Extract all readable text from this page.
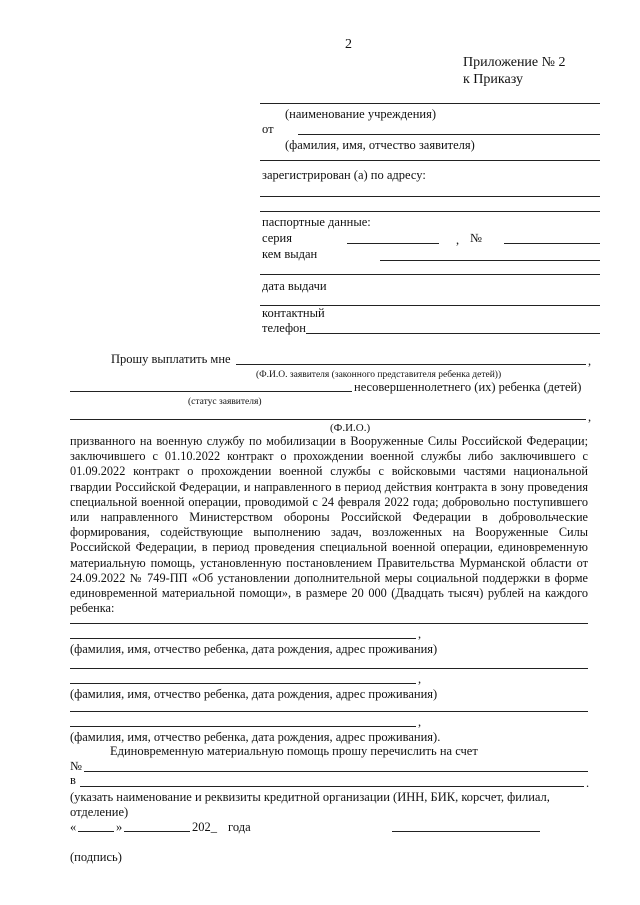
2
Приложение № 2
к Приказу
(наименование учреждения)
от
(фамилия, имя, отчество заявителя)
зарегистрирован (а) по адресу:
паспортные данные:
серия	, №
кем выдан
дата выдачи
контактный
телефон
Прошу выплатить мне	,
(Ф.И.О. заявителя (законного представителя ребенка детей))
несовершеннолетнего (их) ребенка (детей)
(статус заявителя)
,
(Ф.И.О.)
призванного на военную службу по мобилизации в Вооруженные Силы Российской Федерации; заключившего с 01.10.2022 контракт о прохождении военной службы либо заключившего с 01.09.2022 контракт о прохождении военной службы с войсковыми частями национальной гвардии Российской Федерации, и направленного в период действия контракта в зону проведения специальной военной операции, проводимой с 24 февраля 2022 года; добровольно поступившего или направленного Министерством обороны Российской Федерации в добровольческие формирования, содействующие выполнению задач, возложенных на Вооруженные Силы Российской Федерации, в период проведения специальной военной операции, единовременную материальную помощь, установленную постановлением Правительства Мурманской области от 24.09.2022 № 749-ПП «Об установлении дополнительной меры социальной поддержки в форме единовременной материальной помощи», в размере 20 000 (Двадцать тысяч) рублей на каждого ребенка:
,
(фамилия, имя, отчество ребенка, дата рождения, адрес проживания)
,
(фамилия, имя, отчество ребенка, дата рождения, адрес проживания)
,
(фамилия, имя, отчество ребенка, дата рождения, адрес проживания).
Единовременную материальную помощь прошу перечислить на счет
№
в	.
(указать наименование и реквизиты кредитной организации (ИНН, БИК, корсчет, филиал,
отделение)
«	»	202_ года
(подпись)
